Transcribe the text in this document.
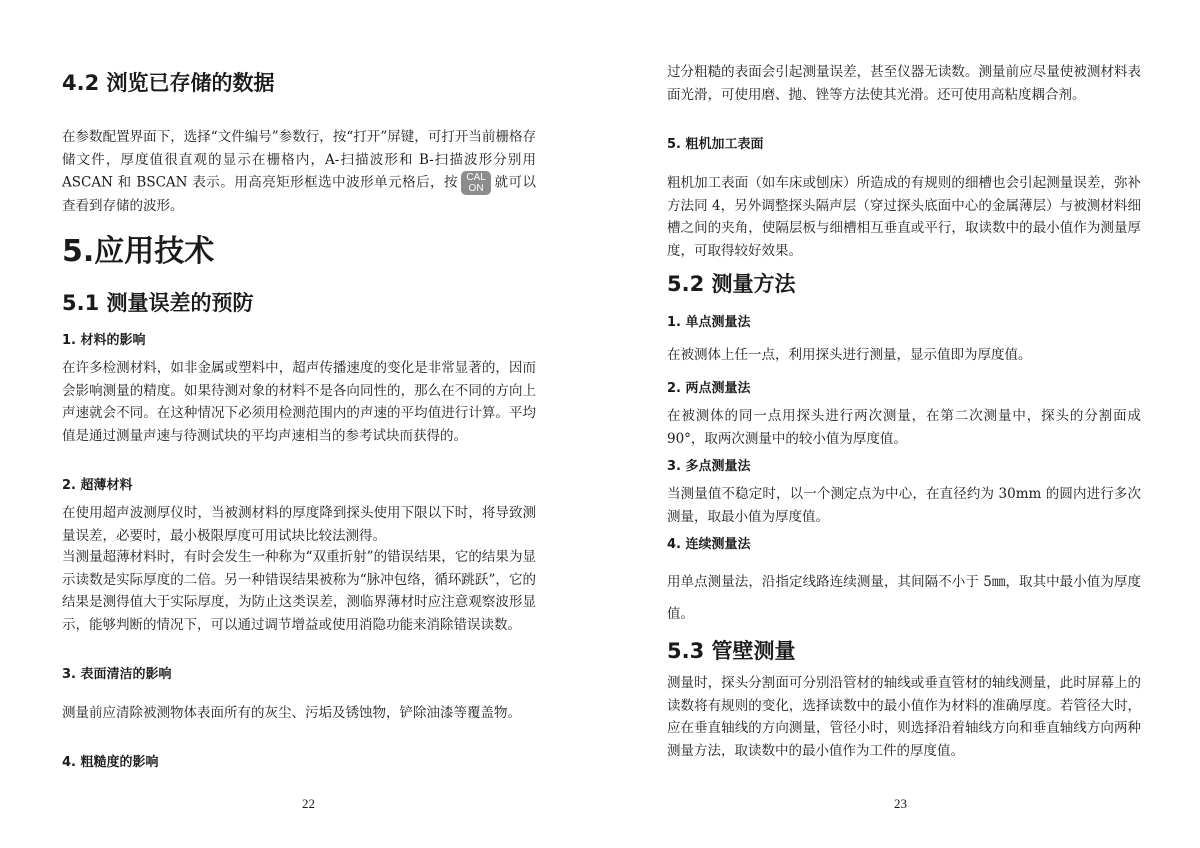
4.2 浏览已存储的数据

在参数配置界面下，选择“文件编号”参数行，按“打开”屏键，可打开当前栅格存储文件，厚度值很直观的显示在栅格内，A-扫描波形和 B-扫描波形分别用 ASCAN 和 BSCAN 表示。用高亮矩形框选中波形单元格后，按 CAL
ON 就可以查看到存储的波形。

5.应用技术
5.1 测量误差的预防
1. 材料的影响

在许多检测材料，如非金属或塑料中，超声传播速度的变化是非常显著的，因而会影响测量的精度。如果待测对象的材料不是各向同性的，那么在不同的方向上声速就会不同。在这种情况下必须用检测范围内的声速的平均值进行计算。平均值是通过测量声速与待测试块的平均声速相当的参考试块而获得的。

2. 超薄材料

在使用超声波测厚仪时，当被测材料的厚度降到探头使用下限以下时，将导致测量误差，必要时，最小极限厚度可用试块比较法测得。

当测量超薄材料时，有时会发生一种称为“双重折射”的错误结果，它的结果为显示读数是实际厚度的二倍。另一种错误结果被称为“脉冲包络，循环跳跃”，它的结果是测得值大于实际厚度，为防止这类误差，测临界薄材时应注意观察波形显示，能够判断的情况下，可以通过调节增益或使用消隐功能来消除错误读数。

3. 表面清洁的影响

测量前应清除被测物体表面所有的灰尘、污垢及锈蚀物，铲除油漆等覆盖物。

4. 粗糙度的影响
22

过分粗糙的表面会引起测量误差，甚至仪器无读数。测量前应尽量使被测材料表面光滑，可使用磨、抛、锉等方法使其光滑。还可使用高粘度耦合剂。

5. 粗机加工表面

粗机加工表面（如车床或刨床）所造成的有规则的细槽也会引起测量误差，弥补方法同 4，另外调整探头隔声层（穿过探头底面中心的金属薄层）与被测材料细槽之间的夹角，使隔层板与细槽相互垂直或平行，取读数中的最小值作为测量厚度，可取得较好效果。

5.2 测量方法
1. 单点测量法

在被测体上任一点，利用探头进行测量，显示值即为厚度值。

2. 两点测量法

在被测体的同一点用探头进行两次测量，在第二次测量中，探头的分割面成 90°，取两次测量中的较小值为厚度值。

3. 多点测量法

当测量值不稳定时，以一个测定点为中心，在直径约为 30mm 的圆内进行多次测量，取最小值为厚度值。

4. 连续测量法

用单点测量法，沿指定线路连续测量，其间隔不小于 5㎜，取其中最小值为厚度值。

5.3 管壁测量

测量时，探头分割面可分别沿管材的轴线或垂直管材的轴线测量，此时屏幕上的读数将有规则的变化，选择读数中的最小值作为材料的准确厚度。若管径大时，应在垂直轴线的方向测量，管径小时，则选择沿着轴线方向和垂直轴线方向两种测量方法，取读数中的最小值作为工件的厚度值。

23
